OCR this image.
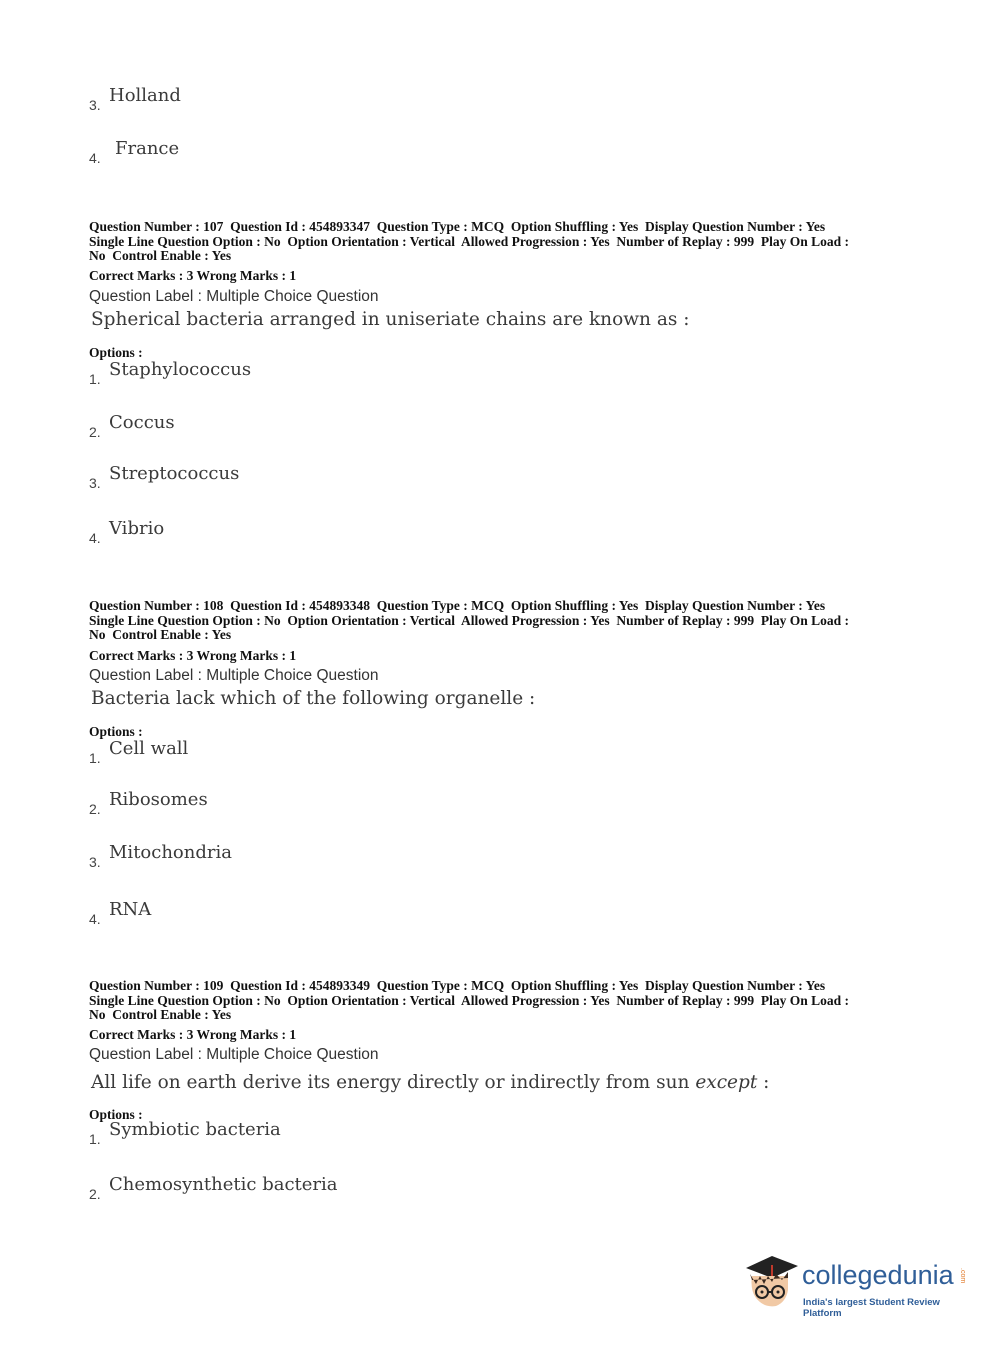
3. Holland
4. France
Question Number : 107  Question Id : 454893347  Question Type : MCQ  Option Shuffling : Yes  Display Question Number : Yes
Single Line Question Option : No  Option Orientation : Vertical  Allowed Progression : Yes  Number of Replay : 999  Play On Load :
No  Control Enable : Yes
Correct Marks : 3 Wrong Marks : 1
Question Label : Multiple Choice Question
Spherical bacteria arranged in uniseriate chains are known as :
Options :
1. Staphylococcus
2. Coccus
3. Streptococcus
4. Vibrio
Question Number : 108  Question Id : 454893348  Question Type : MCQ  Option Shuffling : Yes  Display Question Number : Yes
Single Line Question Option : No  Option Orientation : Vertical  Allowed Progression : Yes  Number of Replay : 999  Play On Load :
No  Control Enable : Yes
Correct Marks : 3 Wrong Marks : 1
Question Label : Multiple Choice Question
Bacteria lack which of the following organelle :
Options :
1. Cell wall
2. Ribosomes
3. Mitochondria
4. RNA
Question Number : 109  Question Id : 454893349  Question Type : MCQ  Option Shuffling : Yes  Display Question Number : Yes
Single Line Question Option : No  Option Orientation : Vertical  Allowed Progression : Yes  Number of Replay : 999  Play On Load :
No  Control Enable : Yes
Correct Marks : 3 Wrong Marks : 1
Question Label : Multiple Choice Question
All life on earth derive its energy directly or indirectly from sun except :
Options :
1. Symbiotic bacteria
2. Chemosynthetic bacteria
collegedunia .com
India's largest Student Review Platform
